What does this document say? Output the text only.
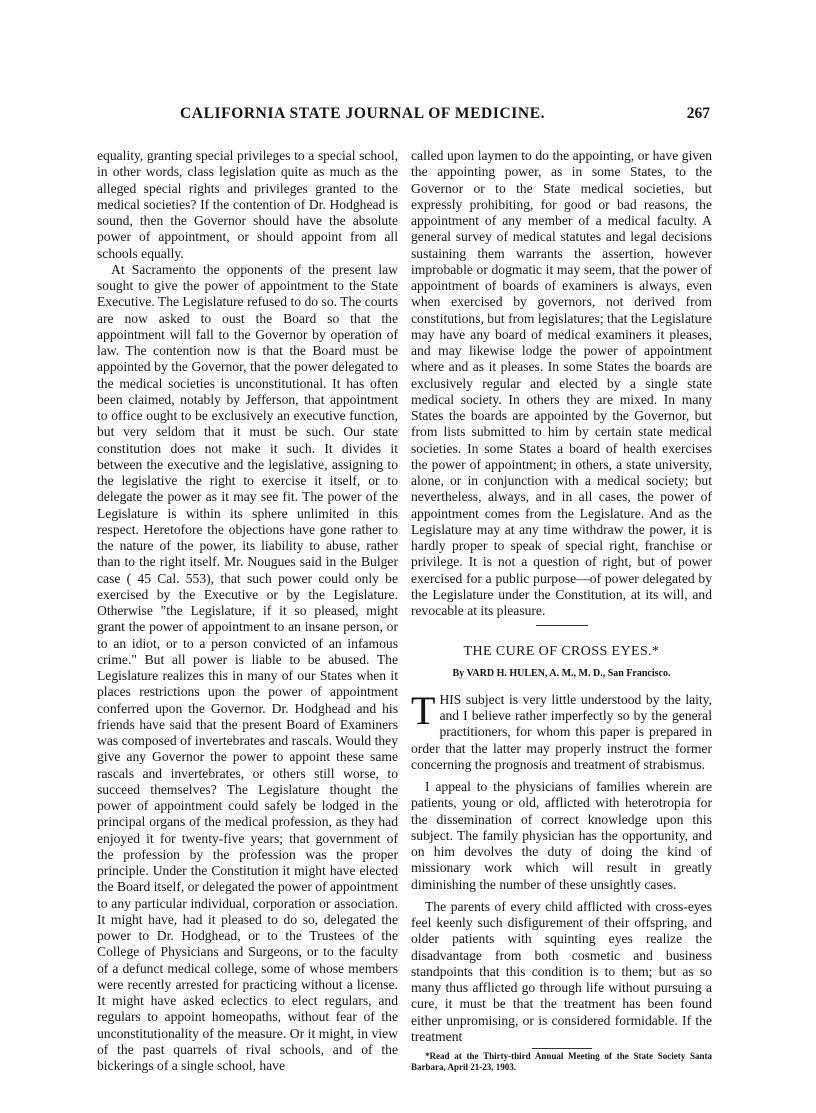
CALIFORNIA STATE JOURNAL OF MEDICINE.	267

equality, granting special privileges to a special school, in other words, class legislation quite as much as the alleged special rights and privileges granted to the medical societies? If the contention of Dr. Hodghead is sound, then the Governor should have the absolute power of appointment, or should appoint from all schools equally.

At Sacramento the opponents of the present law sought to give the power of appointment to the State Executive. The Legislature refused to do so. The courts are now asked to oust the Board so that the appointment will fall to the Governor by operation of law. The contention now is that the Board must be appointed by the Governor, that the power delegated to the medical societies is unconstitutional. It has often been claimed, notably by Jefferson, that appointment to office ought to be exclusively an executive function, but very seldom that it must be such. Our state constitution does not make it such. It divides it between the executive and the legislative, assigning to the legislative the right to exercise it itself, or to delegate the power as it may see fit. The power of the Legislature is within its sphere unlimited in this respect. Heretofore the objections have gone rather to the nature of the power, its liability to abuse, rather than to the right itself. Mr. Nougues said in the Bulger case ( 45 Cal. 553), that such power could only be exercised by the Executive or by the Legislature. Otherwise "the Legislature, if it so pleased, might grant the power of appointment to an insane person, or to an idiot, or to a person convicted of an infamous crime." But all power is liable to be abused. The Legislature realizes this in many of our States when it places restrictions upon the power of appointment conferred upon the Governor. Dr. Hodghead and his friends have said that the present Board of Examiners was composed of invertebrates and rascals. Would they give any Governor the power to appoint these same rascals and invertebrates, or others still worse, to succeed themselves? The Legislature thought the power of appointment could safely be lodged in the principal organs of the medical profession, as they had enjoyed it for twenty-five years; that government of the profession by the profession was the proper principle. Under the Constitution it might have elected the Board itself, or delegated the power of appointment to any particular individual, corporation or association. It might have, had it pleased to do so, delegated the power to Dr. Hodghead, or to the Trustees of the College of Physicians and Surgeons, or to the faculty of a defunct medical college, some of whose members were recently arrested for practicing without a license. It might have asked eclectics to elect regulars, and regulars to appoint homeopaths, without fear of the unconstitutionality of the measure. Or it might, in view of the past quarrels of rival schools, and of the bickerings of a single school, have

called upon laymen to do the appointing, or have given the appointing power, as in some States, to the Governor or to the State medical societies, but expressly prohibiting, for good or bad reasons, the appointment of any member of a medical faculty. A general survey of medical statutes and legal decisions sustaining them warrants the assertion, however improbable or dogmatic it may seem, that the power of appointment of boards of examiners is always, even when exercised by governors, not derived from constitutions, but from legislatures; that the Legislature may have any board of medical examiners it pleases, and may likewise lodge the power of appointment where and as it pleases. In some States the boards are exclusively regular and elected by a single state medical society. In others they are mixed. In many States the boards are appointed by the Governor, but from lists submitted to him by certain state medical societies. In some States a board of health exercises the power of appointment; in others, a state university, alone, or in conjunction with a medical society; but nevertheless, always, and in all cases, the power of appointment comes from the Legislature. And as the Legislature may at any time withdraw the power, it is hardly proper to speak of special right, franchise or privilege. It is not a question of right, but of power exercised for a public purpose—of power delegated by the Legislature under the Constitution, at its will, and revocable at its pleasure.

THE CURE OF CROSS EYES.*
By VARD H. HULEN, A. M., M. D., San Francisco.

THIS subject is very little understood by the laity, and I believe rather imperfectly so by the general practitioners, for whom this paper is prepared in order that the latter may properly instruct the former concerning the prognosis and treatment of strabismus.

I appeal to the physicians of families wherein are patients, young or old, afflicted with heterotropia for the dissemination of correct knowledge upon this subject. The family physician has the opportunity, and on him devolves the duty of doing the kind of missionary work which will result in greatly diminishing the number of these unsightly cases.

The parents of every child afflicted with cross-eyes feel keenly such disfigurement of their offspring, and older patients with squinting eyes realize the disadvantage from both cosmetic and business standpoints that this condition is to them; but as so many thus afflicted go through life without pursuing a cure, it must be that the treatment has been found either unpromising, or is considered formidable. If the treatment

*Read at the Thirty-third Annual Meeting of the State Society Santa Barbara, April 21-23, 1903.
